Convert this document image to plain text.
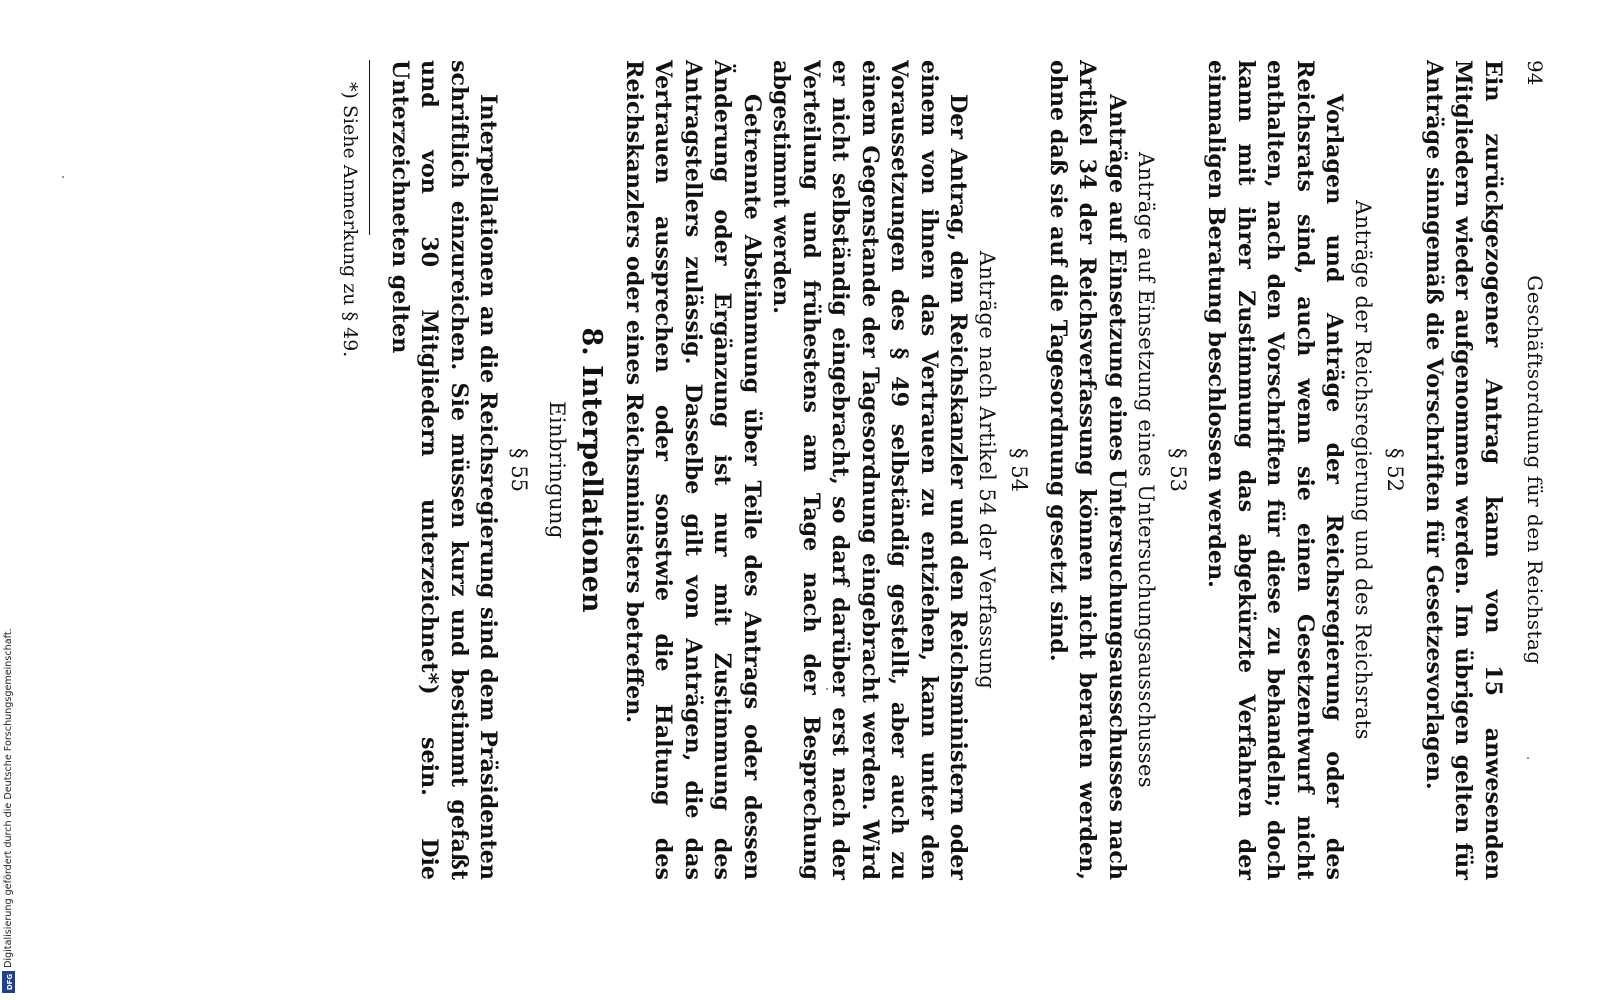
94
Geschäftsordnung für den Reichstag

Ein zurückgezogener Antrag kann von 15 anwesenden Mitgliedern wieder aufgenommen werden. Im übrigen gelten für Anträge sinngemäß die Vorschriften für Gesetzesvorlagen.

§ 52

Anträge der Reichsregierung und des Reichsrats

Vorlagen und Anträge der Reichsregierung oder des Reichsrats sind, auch wenn sie einen Gesetzentwurf nicht enthalten, nach den Vorschriften für diese zu behandeln; doch kann mit ihrer Zustimmung das abgekürzte Verfahren der einmaligen Beratung beschlossen werden.

§ 53

Anträge auf Einsetzung eines Untersuchungsausschusses

Anträge auf Einsetzung eines Untersuchungsausschusses nach Artikel 34 der Reichsverfassung können nicht beraten werden, ohne daß sie auf die Tagesordnung gesetzt sind.

§ 54

Anträge nach Artikel 54 der Verfassung

Der Antrag, dem Reichskanzler und den Reichsministern oder einem von ihnen das Vertrauen zu entziehen, kann unter den Voraussetzungen des § 49 selbständig gestellt, aber auch zu einem Gegenstande der Tagesordnung eingebracht werden. Wird er nicht selbständig eingebracht, so darf darüber erst nach der Verteilung und frühestens am Tage nach der Besprechung abgestimmt werden.

Getrennte Abstimmung über Teile des Antrags oder dessen Änderung oder Ergänzung ist nur mit Zustimmung des Antragstellers zulässig. Dasselbe gilt von Anträgen, die das Vertrauen aussprechen oder sonstwie die Haltung des Reichskanzlers oder eines Reichsministers betreffen.

8. Interpellationen

Einbringung

§ 55

Interpellationen an die Reichsregierung sind dem Präsidenten schriftlich einzureichen. Sie müssen kurz und bestimmt gefaßt und von 30 Mitgliedern unterzeichnet*) sein. Die Unterzeichneten gelten

*) Siehe Anmerkung zu § 49.

Digitalisierung gefördert durch die Deutsche Forschungsgemeinschaft.
DFG
